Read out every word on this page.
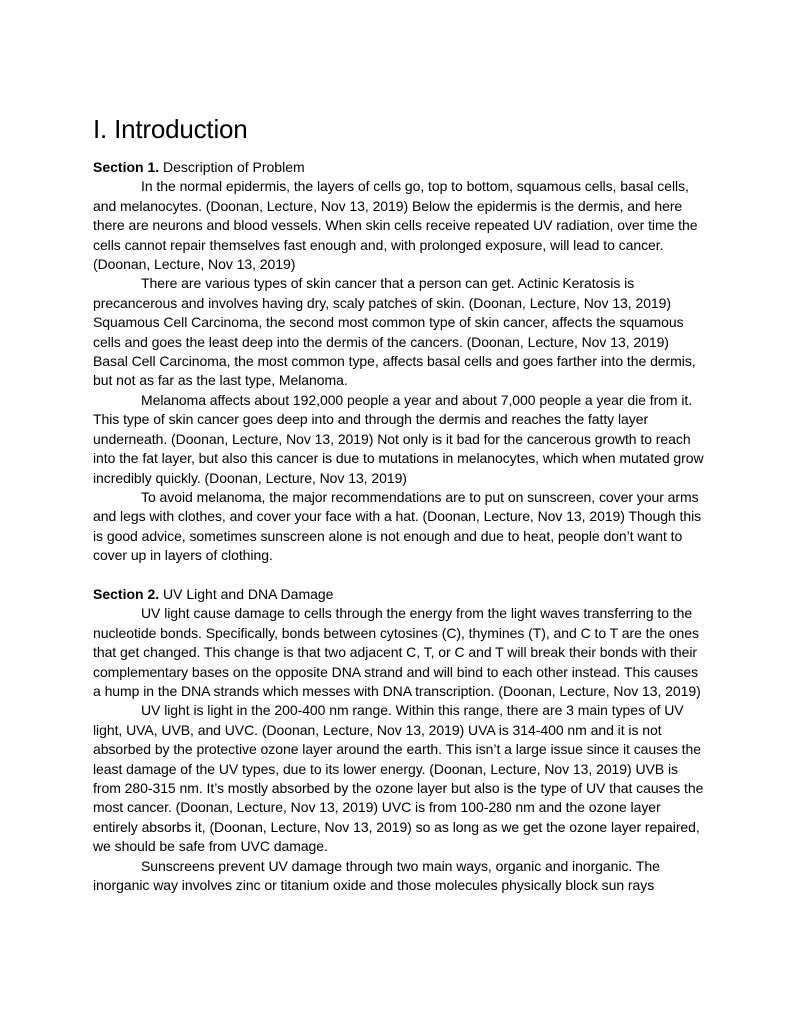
I. Introduction

Section 1. Description of Problem

In the normal epidermis, the layers of cells go, top to bottom, squamous cells, basal cells, and melanocytes. (Doonan, Lecture, Nov 13, 2019) Below the epidermis is the dermis, and here there are neurons and blood vessels. When skin cells receive repeated UV radiation, over time the cells cannot repair themselves fast enough and, with prolonged exposure, will lead to cancer. (Doonan, Lecture, Nov 13, 2019)

There are various types of skin cancer that a person can get. Actinic Keratosis is precancerous and involves having dry, scaly patches of skin. (Doonan, Lecture, Nov 13, 2019) Squamous Cell Carcinoma, the second most common type of skin cancer, affects the squamous cells and goes the least deep into the dermis of the cancers. (Doonan, Lecture, Nov 13, 2019) Basal Cell Carcinoma, the most common type, affects basal cells and goes farther into the dermis, but not as far as the last type, Melanoma.

Melanoma affects about 192,000 people a year and about 7,000 people a year die from it. This type of skin cancer goes deep into and through the dermis and reaches the fatty layer underneath. (Doonan, Lecture, Nov 13, 2019) Not only is it bad for the cancerous growth to reach into the fat layer, but also this cancer is due to mutations in melanocytes, which when mutated grow incredibly quickly. (Doonan, Lecture, Nov 13, 2019)

To avoid melanoma, the major recommendations are to put on sunscreen, cover your arms and legs with clothes, and cover your face with a hat. (Doonan, Lecture, Nov 13, 2019) Though this is good advice, sometimes sunscreen alone is not enough and due to heat, people don’t want to cover up in layers of clothing.

Section 2. UV Light and DNA Damage

UV light cause damage to cells through the energy from the light waves transferring to the nucleotide bonds. Specifically, bonds between cytosines (C), thymines (T), and C to T are the ones that get changed. This change is that two adjacent C, T, or C and T will break their bonds with their complementary bases on the opposite DNA strand and will bind to each other instead. This causes a hump in the DNA strands which messes with DNA transcription. (Doonan, Lecture, Nov 13, 2019)

UV light is light in the 200-400 nm range. Within this range, there are 3 main types of UV light, UVA, UVB, and UVC. (Doonan, Lecture, Nov 13, 2019) UVA is 314-400 nm and it is not absorbed by the protective ozone layer around the earth. This isn’t a large issue since it causes the least damage of the UV types, due to its lower energy. (Doonan, Lecture, Nov 13, 2019) UVB is from 280-315 nm. It’s mostly absorbed by the ozone layer but also is the type of UV that causes the most cancer. (Doonan, Lecture, Nov 13, 2019) UVC is from 100-280 nm and the ozone layer entirely absorbs it, (Doonan, Lecture, Nov 13, 2019) so as long as we get the ozone layer repaired, we should be safe from UVC damage.

Sunscreens prevent UV damage through two main ways, organic and inorganic. The inorganic way involves zinc or titanium oxide and those molecules physically block sun rays
